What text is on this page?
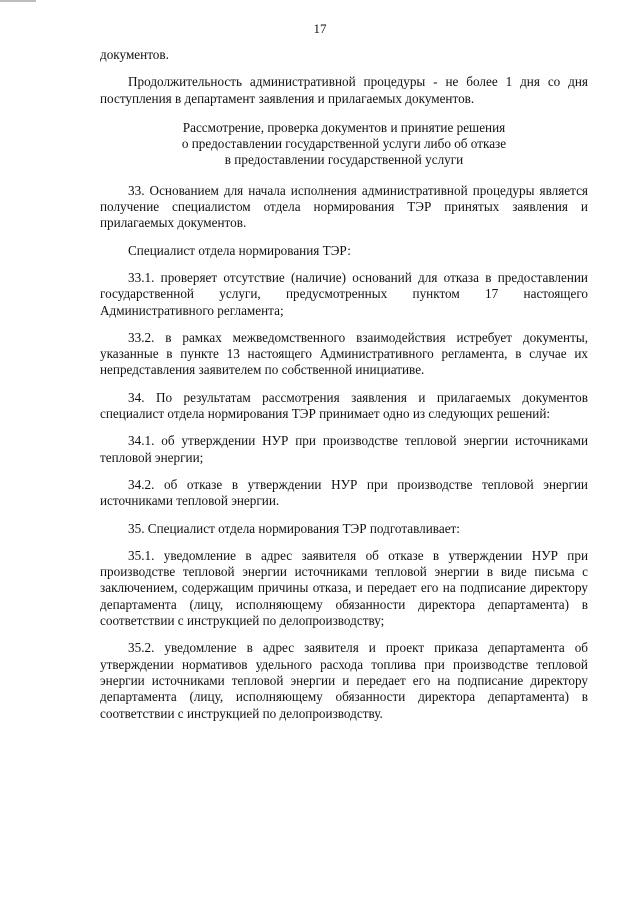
17

документов.

Продолжительность административной процедуры - не более 1 дня со дня поступления в департамент заявления и прилагаемых документов.

Рассмотрение, проверка документов и принятие решения

о предоставлении государственной услуги либо об отказе

в предоставлении государственной услуги

33. Основанием для начала исполнения административной процедуры является получение специалистом отдела нормирования ТЭР принятых заявления и прилагаемых документов.

Специалист отдела нормирования ТЭР:

33.1. проверяет отсутствие (наличие) оснований для отказа в предоставлении государственной услуги, предусмотренных пунктом 17 настоящего Административного регламента;

33.2. в рамках межведомственного взаимодействия истребует документы, указанные в пункте 13 настоящего Административного регламента, в случае их непредставления заявителем по собственной инициативе.

34. По результатам рассмотрения заявления и прилагаемых документов специалист отдела нормирования ТЭР принимает одно из следующих решений:

34.1. об утверждении НУР при производстве тепловой энергии источниками тепловой энергии;

34.2. об отказе в утверждении НУР при производстве тепловой энергии источниками тепловой энергии.

35. Специалист отдела нормирования ТЭР подготавливает:

35.1. уведомление в адрес заявителя об отказе в утверждении НУР при производстве тепловой энергии источниками тепловой энергии в виде письма с заключением, содержащим причины отказа, и передает его на подписание директору департамента (лицу, исполняющему обязанности директора департамента) в соответствии с инструкцией по делопроизводству;

35.2. уведомление в адрес заявителя и проект приказа департамента об утверждении нормативов удельного расхода топлива при производстве тепловой энергии источниками тепловой энергии и передает его на подписание директору департамента (лицу, исполняющему обязанности директора департамента) в соответствии с инструкцией по делопроизводству.
